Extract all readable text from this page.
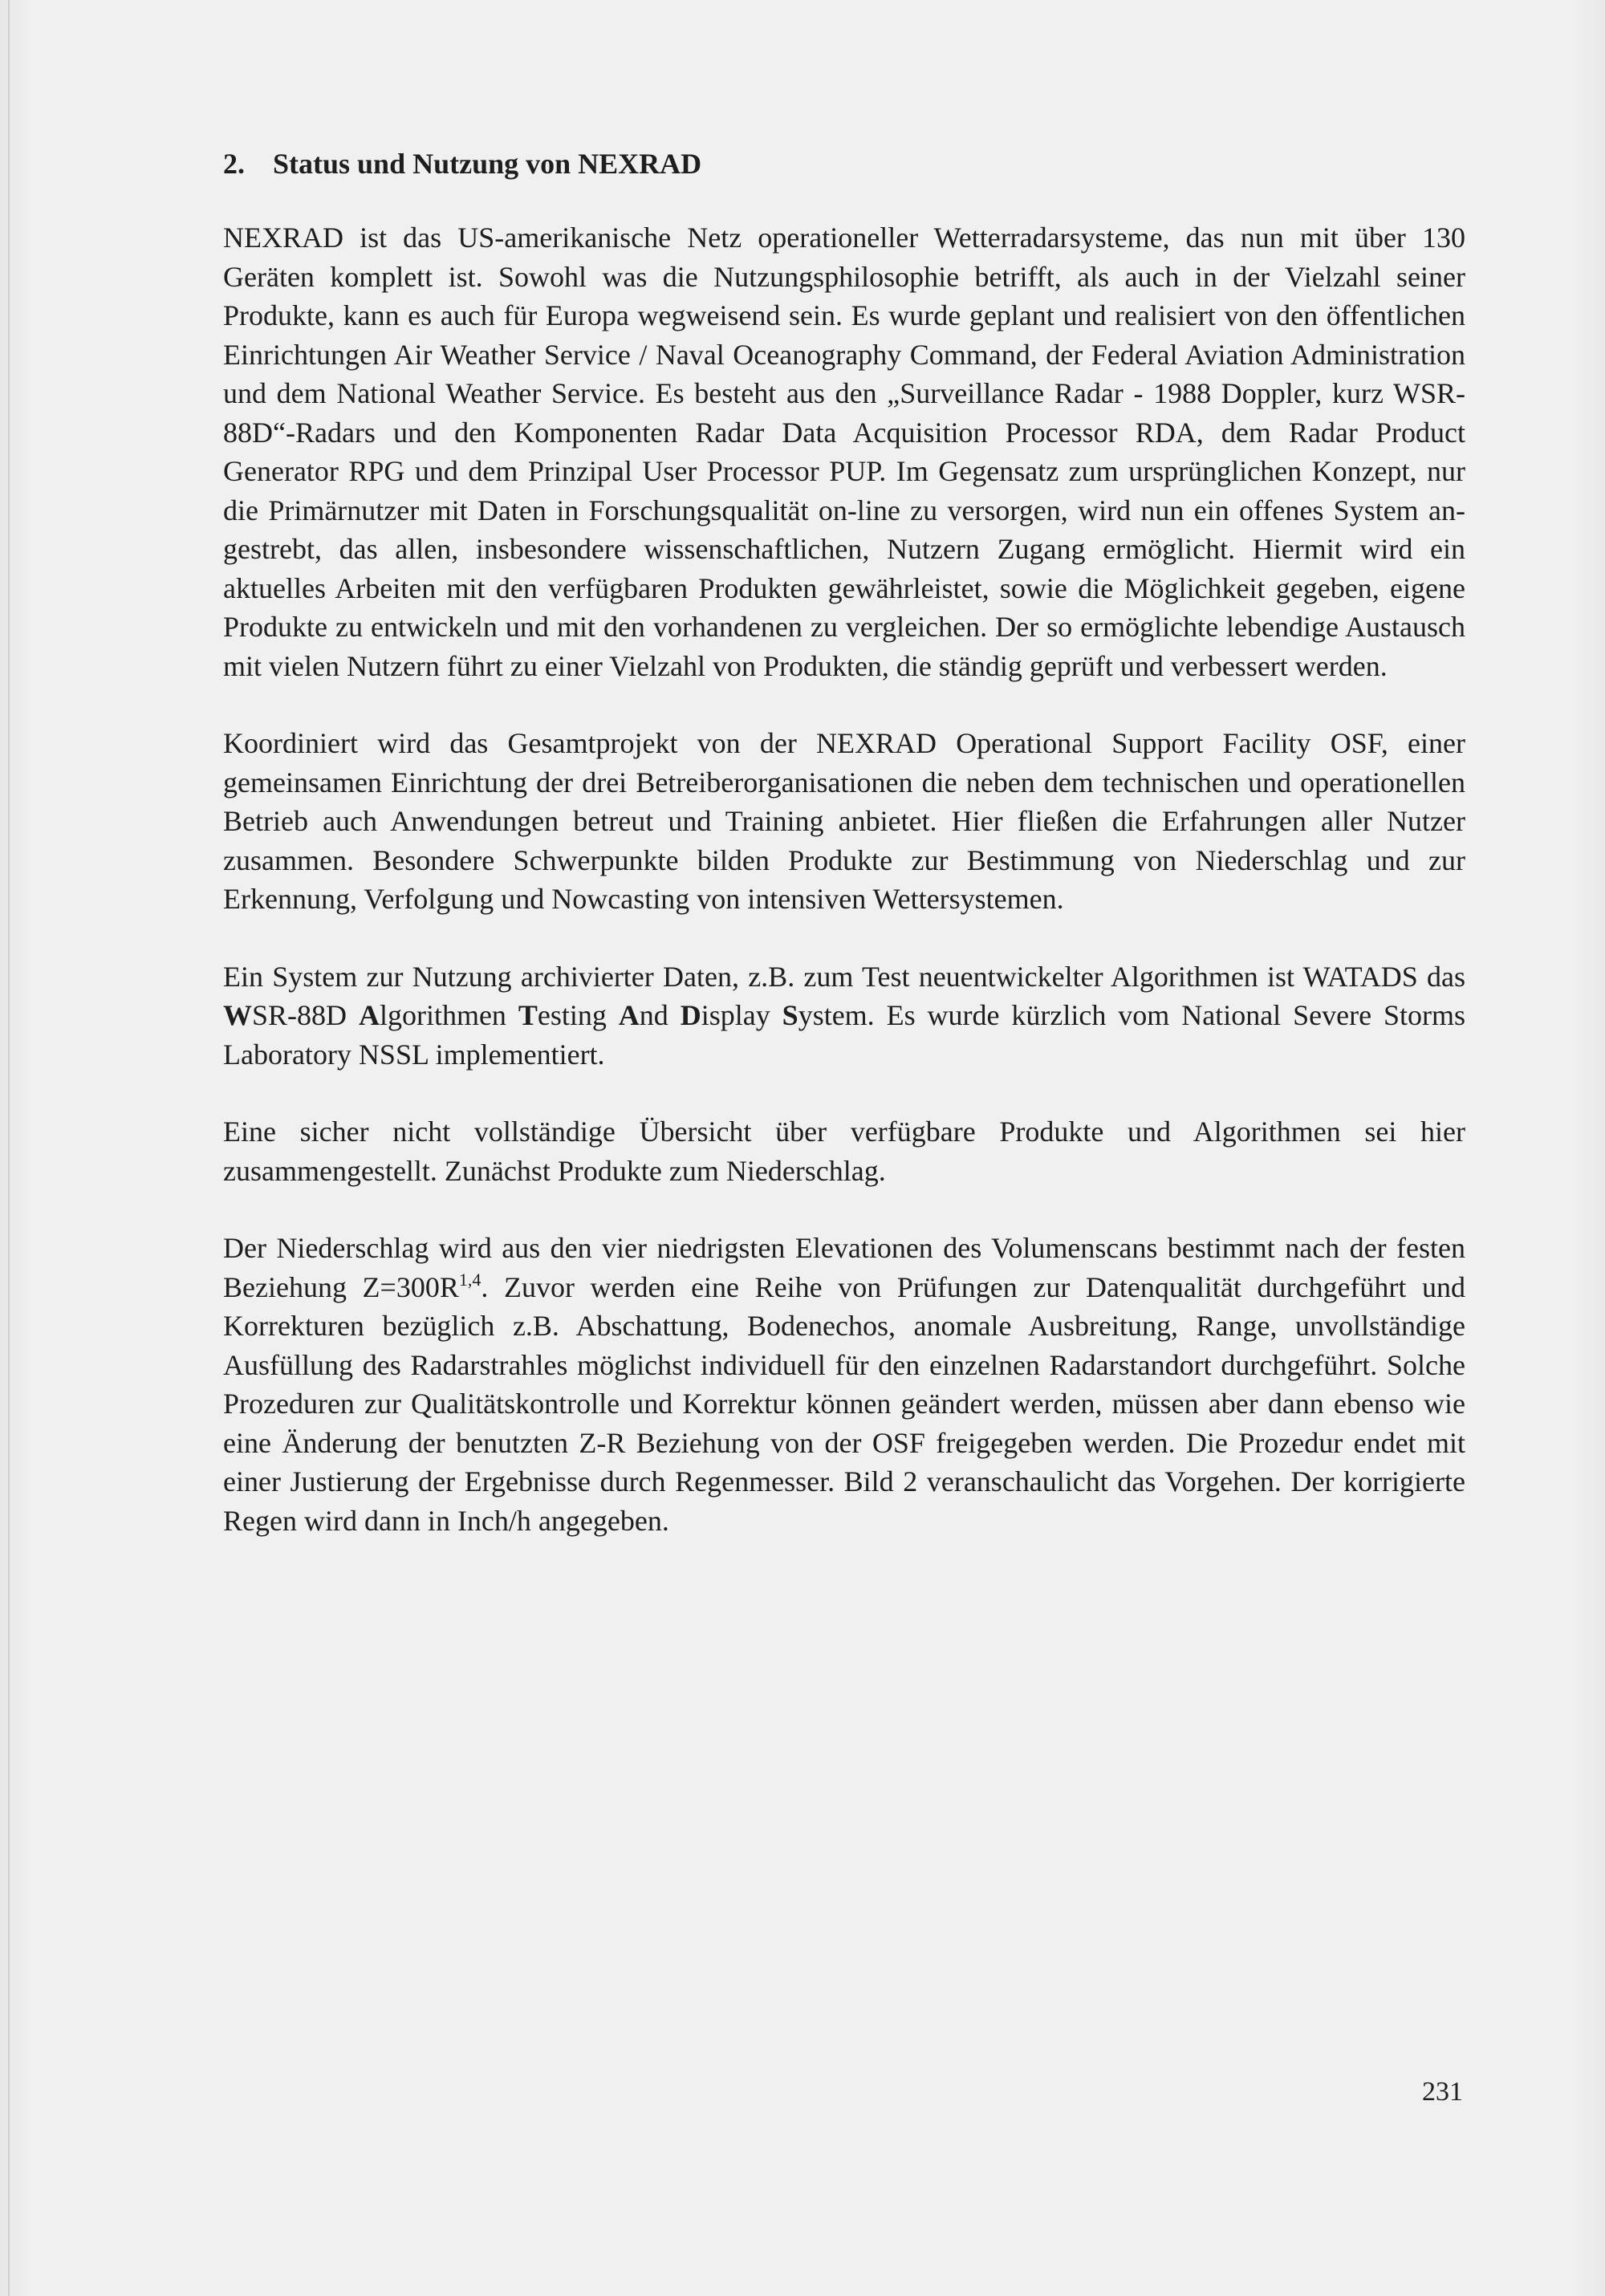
2. Status und Nutzung von NEXRAD

NEXRAD ist das US-amerikanische Netz operationeller Wetterradarsysteme, das nun mit über 130 Geräten komplett ist. Sowohl was die Nutzungsphilosophie betrifft, als auch in der Vielzahl seiner Produkte, kann es auch für Europa wegweisend sein. Es wurde geplant und realisiert von den öffentlichen Einrichtungen Air Weather Service / Naval Oceanography Command, der Federal Aviation Administration und dem National Weather Service. Es besteht aus den „Surveillance Radar - 1988 Doppler, kurz WSR-88D“-Radars und den Komponenten Radar Data Acquisition Processor RDA, dem Radar Product Generator RPG und dem Prinzipal User Processor PUP. Im Gegensatz zum ursprünglichen Konzept, nur die Primärnutzer mit Daten in Forschungsqualität on-line zu versorgen, wird nun ein offenes System angestrebt, das allen, insbesondere wissenschaftlichen, Nutzern Zugang ermöglicht. Hiermit wird ein aktuelles Arbeiten mit den verfügbaren Produkten gewährleistet, sowie die Möglichkeit gegeben, eigene Produkte zu entwickeln und mit den vorhandenen zu vergleichen. Der so ermöglichte lebendige Austausch mit vielen Nutzern führt zu einer Vielzahl von Produkten, die ständig geprüft und verbessert werden.

Koordiniert wird das Gesamtprojekt von der NEXRAD Operational Support Facility OSF, einer gemeinsamen Einrichtung der drei Betreiberorganisationen die neben dem technischen und operationellen Betrieb auch Anwendungen betreut und Training anbietet. Hier fließen die Erfahrungen aller Nutzer zusammen. Besondere Schwerpunkte bilden Produkte zur Bestimmung von Niederschlag und zur Erkennung, Verfolgung und Nowcasting von intensiven Wettersystemen.

Ein System zur Nutzung archivierter Daten, z.B. zum Test neuentwickelter Algorithmen ist WATADS das WSR-88D Algorithmen Testing And Display System. Es wurde kürzlich vom National Severe Storms Laboratory NSSL implementiert.

Eine sicher nicht vollständige Übersicht über verfügbare Produkte und Algorithmen sei hier zusammengestellt. Zunächst Produkte zum Niederschlag.

Der Niederschlag wird aus den vier niedrigsten Elevationen des Volumenscans bestimmt nach der festen Beziehung $Z=300R^{1,4}$. Zuvor werden eine Reihe von Prüfungen zur Datenqualität durchgeführt und Korrekturen bezüglich z.B. Abschattung, Bodenechos, anomale Ausbreitung, Range, unvollständige Ausfüllung des Radarstrahles möglichst individuell für den einzelnen Radarstandort durchgeführt. Solche Prozeduren zur Qualitätskontrolle und Korrektur können geändert werden, müssen aber dann ebenso wie eine Änderung der benutzten Z-R Beziehung von der OSF freigegeben werden. Die Prozedur endet mit einer Justierung der Ergebnisse durch Regenmesser. Bild 2 veranschaulicht das Vorgehen. Der korrigierte Regen wird dann in Inch/h angegeben.

231
